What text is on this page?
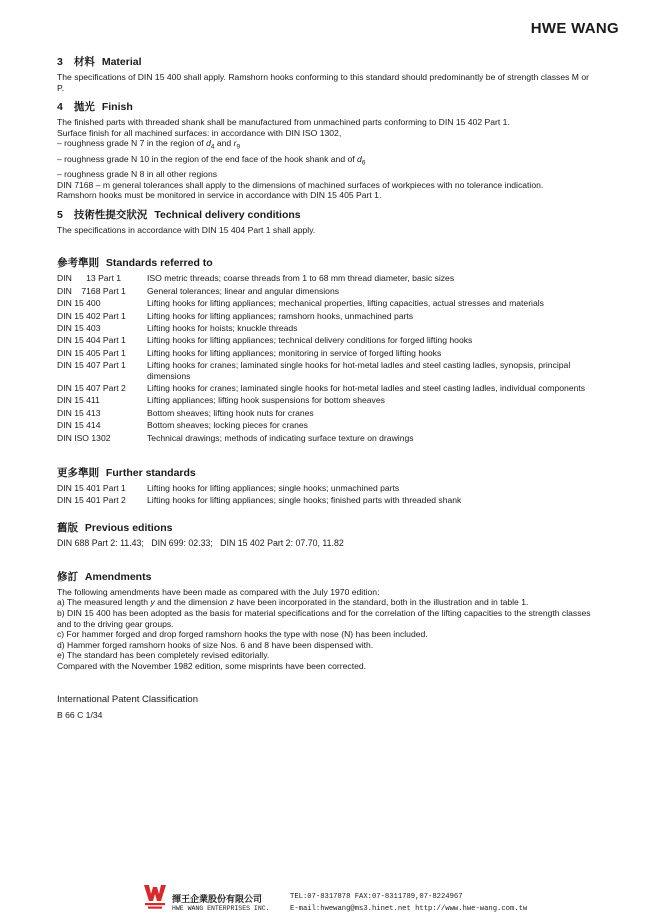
HWE WANG
3 材料 Material

The specifications of DIN 15 400 shall apply. Ramshorn hooks conforming to this standard should predominantly be of strength classes M or P.

4 拋光 Finish

The finished parts with threaded shank shall be manufactured from unmachined parts conforming to DIN 15 402 Part 1.

Surface finish for all machined surfaces: in accordance with DIN ISO 1302,

– roughness grade N 7 in the region of $d_4$ and $r_9$

– roughness grade N 10 in the region of the end face of the hook shank and of $d_6$

– roughness grade N 8 in all other regions

DIN 7168 – m general tolerances shall apply to the dimensions of machined surfaces of workpieces with no tolerance indication.

Ramshorn hooks must be monitored in service in accordance with DIN 15 405 Part 1.

5 技術性提交狀況 Technical delivery conditions

The specifications in accordance with DIN 15 404 Part 1 shall apply.

參考準則 Standards referred to
DIN      13 Part 1	ISO metric threads; coarse threads from 1 to 68 mm thread diameter, basic sizes
DIN    7168 Part 1	General tolerances; linear and angular dimensions
DIN 15 400	Lifting hooks for lifting appliances; mechanical properties, lifting capacities, actual stresses and materials
DIN 15 402 Part 1	Lifting hooks for lifting appliances; ramshorn hooks, unmachined parts
DIN 15 403	Lifting hooks for hoists; knuckle threads
DIN 15 404 Part 1	Lifting hooks for lifting appliances; technical delivery conditions for forged lifting hooks
DIN 15 405 Part 1	Lifting hooks for lifting appliances; monitoring in service of forged lifting hooks
DIN 15 407 Part 1	Lifting hooks for cranes; laminated single hooks for hot-metal ladles and steel casting ladles, synopsis, principal dimensions
DIN 15 407 Part 2	Lifting hooks for cranes; laminated single hooks for hot-metal ladles and steel casting ladles, individual components
DIN 15 411	Lifting appliances; lifting hook suspensions for bottom sheaves
DIN 15 413	Bottom sheaves; lifting hook nuts for cranes
DIN 15 414	Bottom sheaves; locking pieces for cranes
DIN ISO 1302	Technical drawings; methods of indicating surface texture on drawings
更多準則 Further standards
DIN 15 401 Part 1	Lifting hooks for lifting appliances; single hooks; unmachined parts
DIN 15 401 Part 2	Lifting hooks for lifting appliances; single hooks; finished parts with threaded shank
舊版 Previous editions

DIN 688 Part 2: 11.43;   DIN 699: 02.33;   DIN 15 402 Part 2: 07.70, 11.82

修訂 Amendments

The following amendments have been made as compared with the July 1970 edition:

a) The measured length y and the dimension z have been incorporated in the standard, both in the illustration and in table 1.

b) DIN 15 400 has been adopted as the basis for material specifications and for the correlation of the lifting capacities to the strength classes and to the driving gear groups.

c) For hammer forged and drop forged ramshorn hooks the type with nose (N) has been included.

d) Hammer forged ramshorn hooks of size Nos. 6 and 8 have been dispensed with.

e) The standard has been completely revised editorially.

Compared with the November 1982 edition, some misprints have been corrected.

International Patent Classification
B 66 C 1/34
揮王企業股份有限公司
HWE WANG ENTERPRISES INC.
TEL:07-8317878 FAX:07-8311789,07-8224967
E-mail:hwewang@ms3.hinet.net http://www.hwe-wang.com.tw
